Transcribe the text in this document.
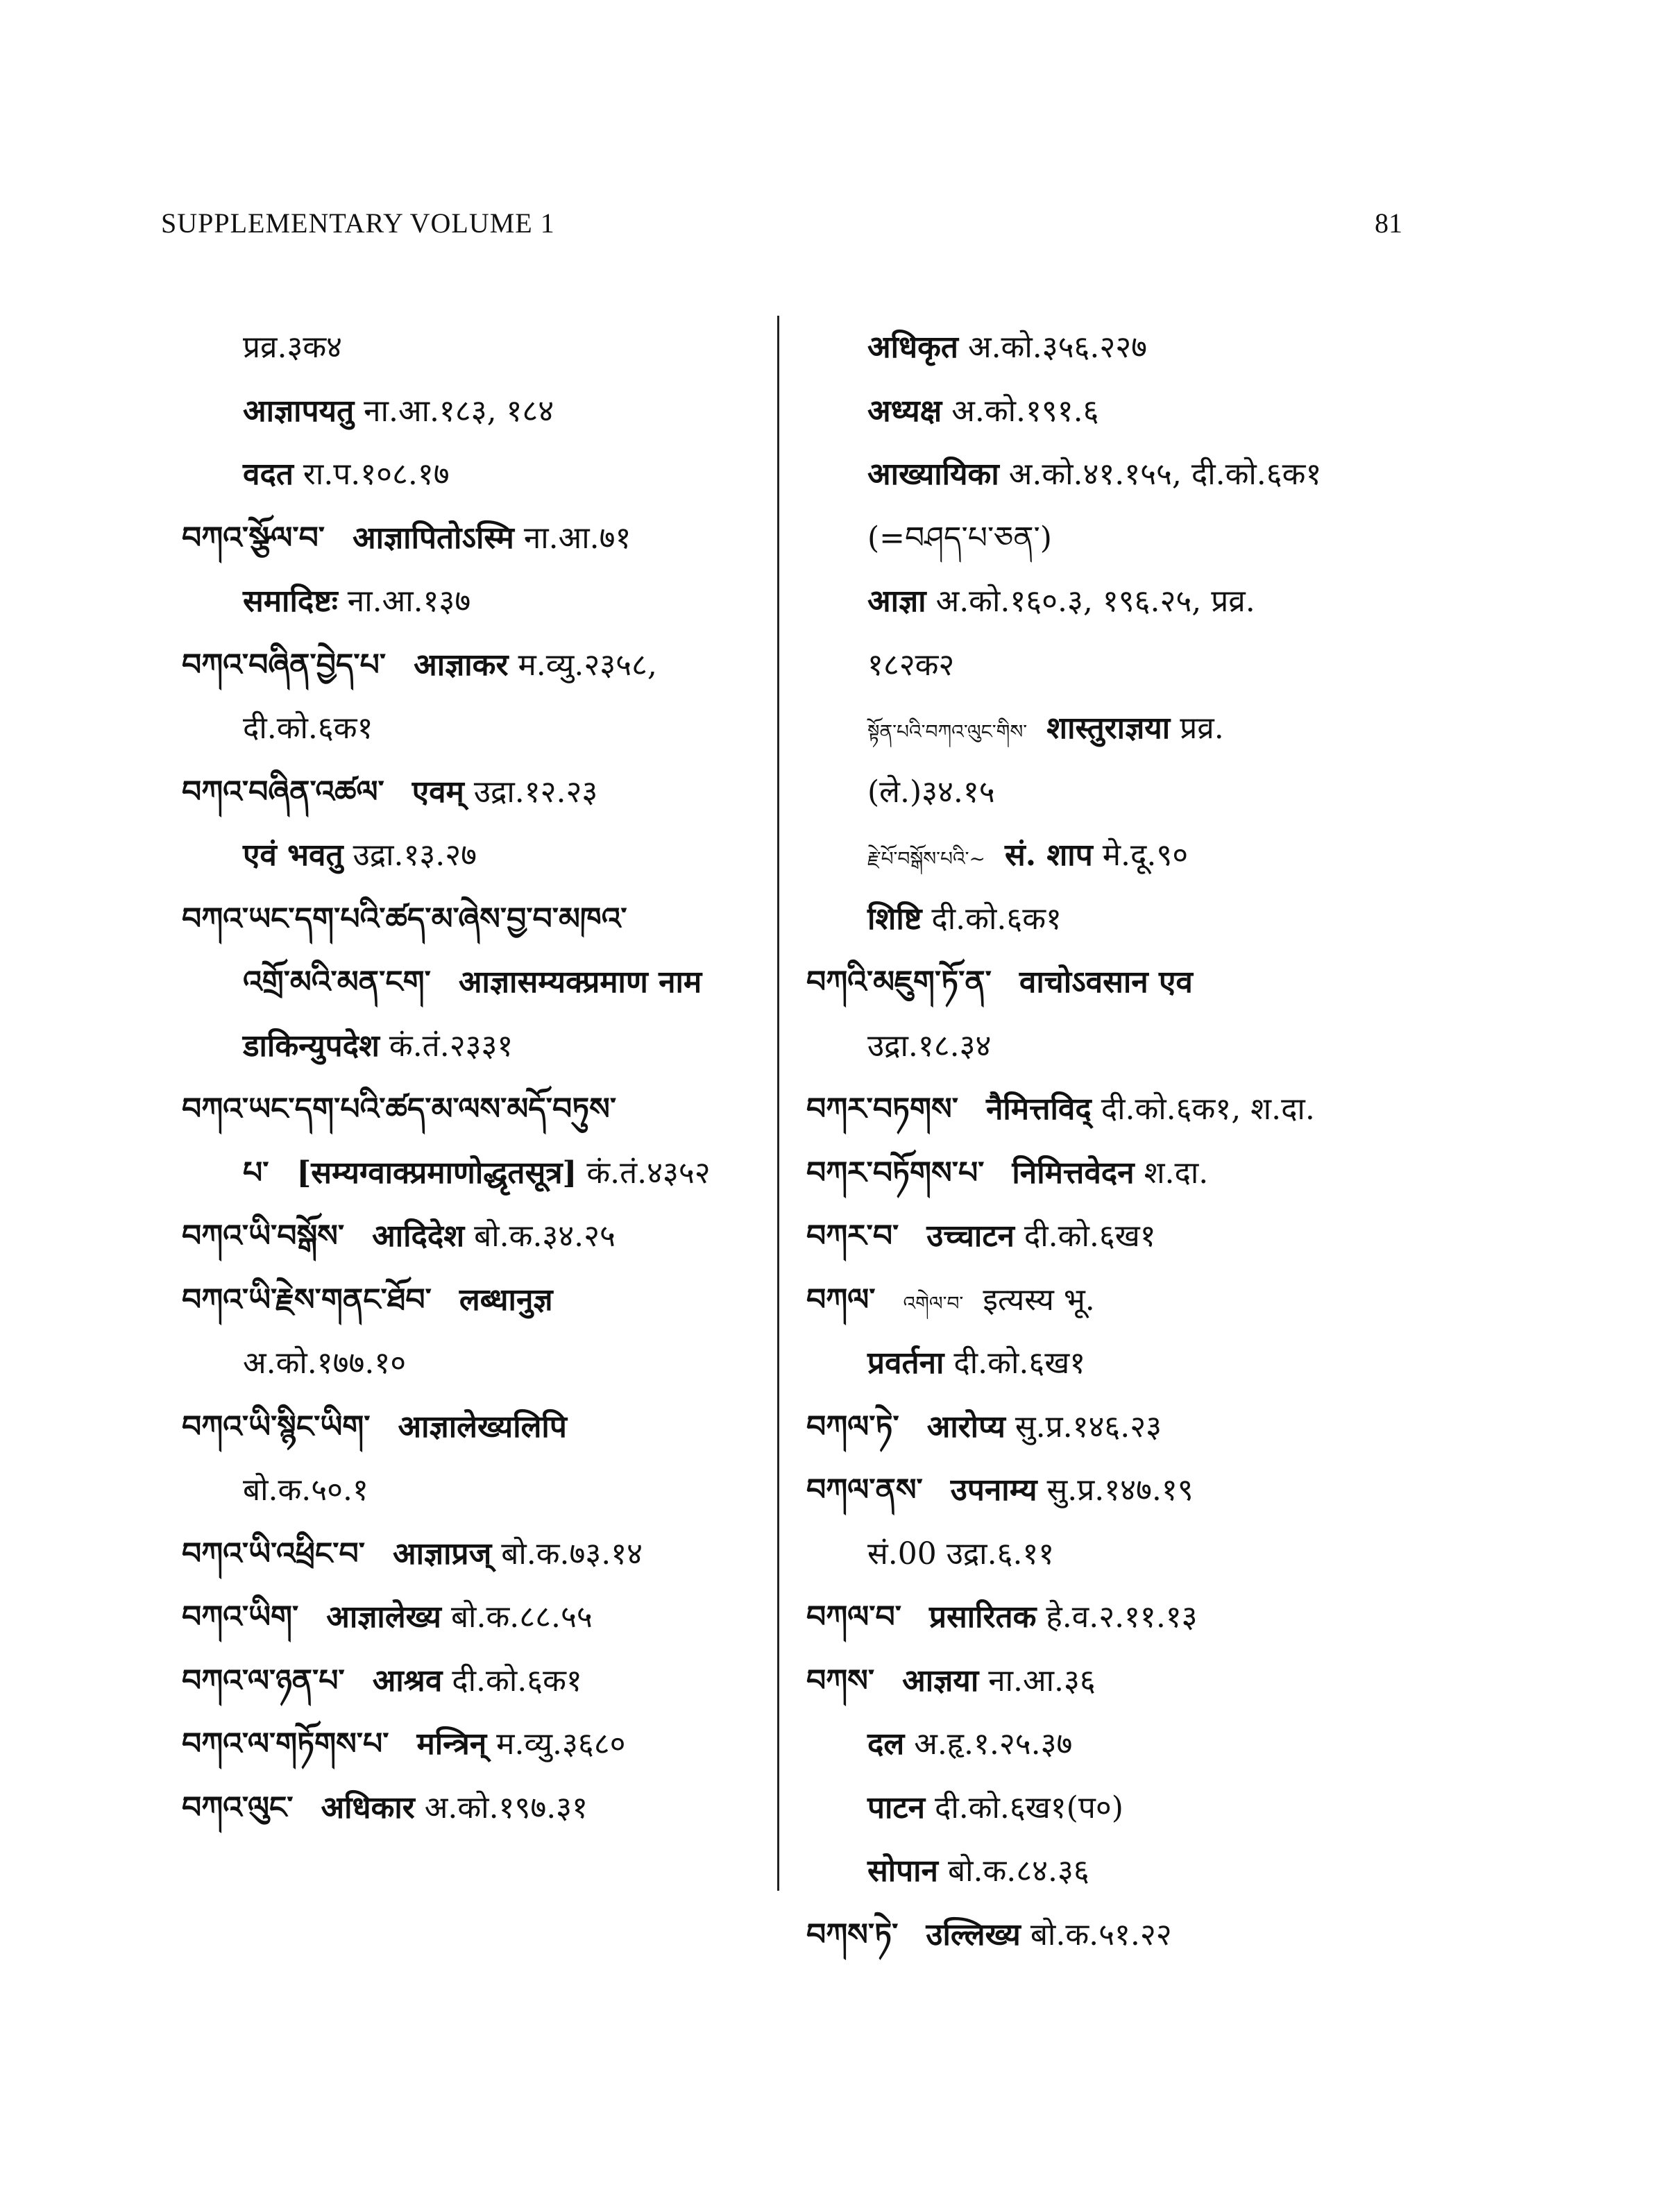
SUPPLEMENTARY VOLUME 1	81
प्रव्र.३क४
आज्ञापयतु ना.आ.१८३, १८४
वदत रा.प.१०८.१७
བཀའ་སྩོལ་བ་ आज्ञापितोऽस्मि ना.आ.७१
समादिष्टः ना.आ.१३७
བཀའ་བཞིན་བྱེད་པ་ आज्ञाकर म.व्यु.२३५८,
दी.को.६क१
བཀའ་བཞིན་འཚལ་ एवम् उद्रा.१२.२३
एवं भवतु उद्रा.१३.२७
བཀའ་ཡང་དག་པའི་ཚད་མ་ཞེས་བྱ་བ་མཁའ་
འགྲོ་མའི་མན་ངག་ आज्ञासम्यक्प्रमाण नाम
डाकिन्युपदेश कं.तं.२३३१
བཀའ་ཡང་དག་པའི་ཚད་མ་ལས་མདོ་བཏུས་
པ་ [सम्यग्वाक्प्रमाणोद्धृतसूत्र] कं.तं.४३५२
བཀའ་ཡི་བསྒོས་ आदिदेश बो.क.३४.२५
བཀའ་ཡི་རྗེས་གནང་ཐོབ་ लब्धानुज्ञ
अ.को.१७७.१०
བཀའ་ཡི་སྙིང་ཡིག་ आज्ञालेख्यलिपि
बो.क.५०.१
བཀའ་ཡི་འཕྲིང་བ་ आज्ञाप्रज् बो.क.७३.१४
བཀའ་ཡིག་ आज्ञालेख्य बो.क.८८.५५
བཀའ་ལ་ཉན་པ་ आश्रव दी.को.६क१
བཀའ་ལ་གཏོགས་པ་ मन्त्रिन् म.व्यु.३६८०
བཀའ་ལུང་ अधिकार अ.को.१९७.३१
अधिकृत अ.को.३५६.२२७
अध्यक्ष अ.को.१९१.६
आख्यायिका अ.को.४१.१५५, दी.को.६क१
(=བཤད་པ་ཅན་)
आज्ञा अ.को.१६०.३, १९६.२५, प्रव्र.
१८२क२
སྟོན་པའི་བཀའ་ལུང་གིས་ शास्तुराज्ञया प्रव्र.
(ले.)३४.१५
རྗེ་པོ་བསྒོས་པའི་~ सं. शाप मे.दू.९०
शिष्टि दी.को.६क१
བཀའི་མཇུག་ཏོ་ན་ वाचोऽवसान एव
उद्रा.१८.३४
བཀར་བཏགས་ नैमित्तविद् दी.को.६क१, श.दा.
བཀར་བཏོགས་པ་ निमित्तवेदन श.दा.
བཀར་བ་ उच्चाटन दी.को.६ख१
བཀལ་ འགེལ་བ་ इत्यस्य भू.
प्रवर्तना दी.को.६ख१
བཀལ་ཏེ་ आरोप्य सु.प्र.१४६.२३
བཀལ་ནས་ उपनाम्य सु.प्र.१४७.१९
सं.00 उद्रा.६.११
བཀལ་བ་ प्रसारितक हे.व.२.११.१३
བཀས་ आज्ञया ना.आ.३६
दल अ.हृ.१.२५.३७
पाटन दी.को.६ख१(प०)
सोपान बो.क.८४.३६
བཀས་ཏེ་ उल्लिख्य बो.क.५१.२२
